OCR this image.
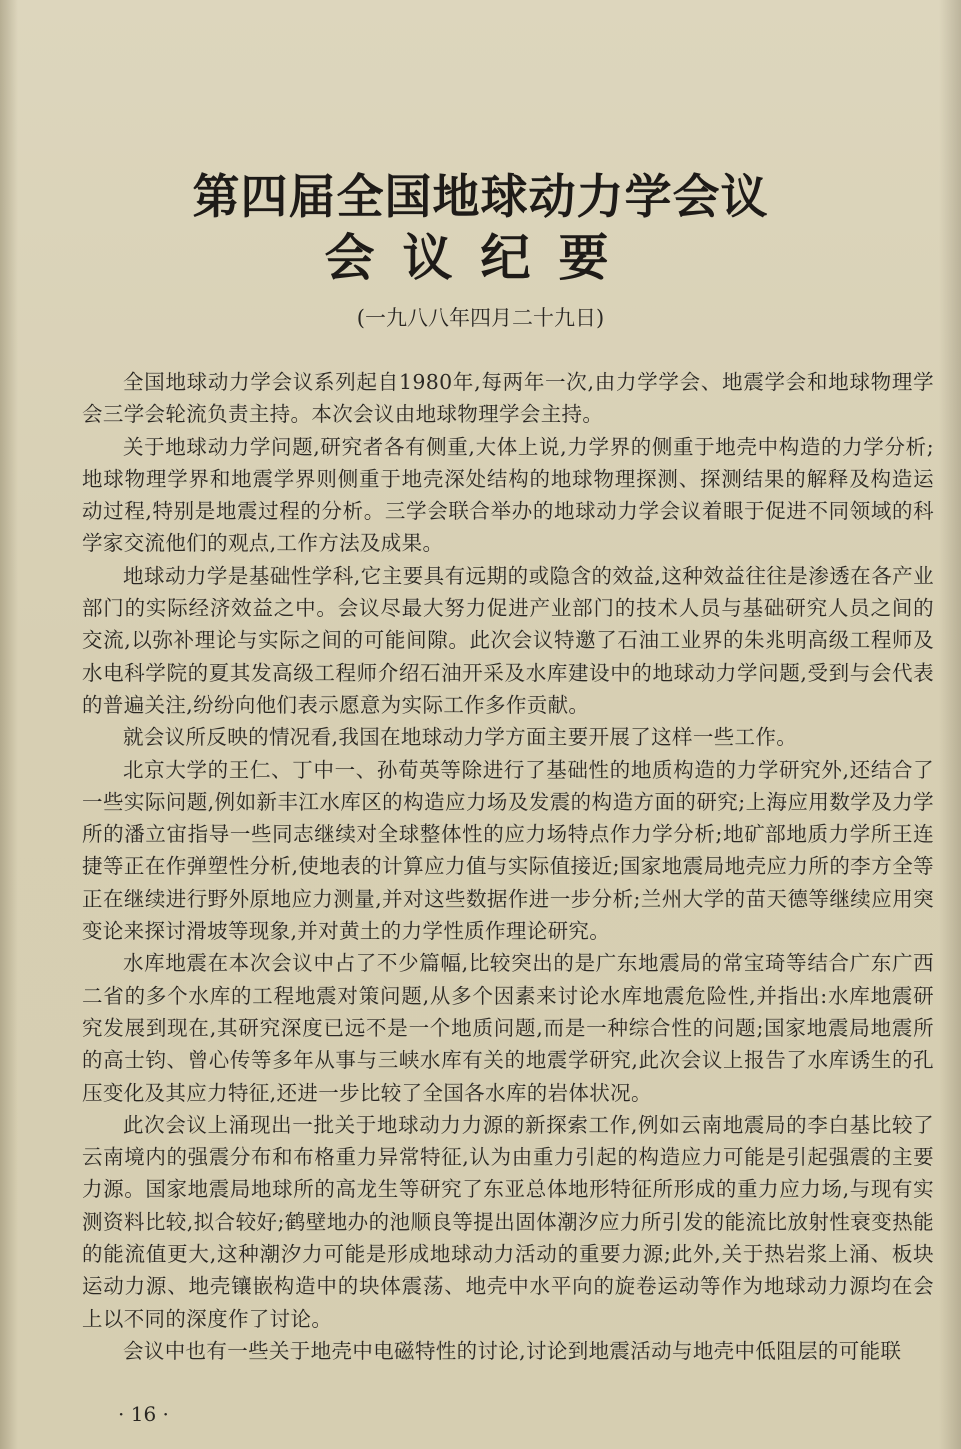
第四届全国地球动力学会议
会议纪要
(一九八八年四月二十九日)

全国地球动力学会议系列起自1980年,每两年一次,由力学学会、地震学会和地球物理学会三学会轮流负责主持。本次会议由地球物理学会主持。

关于地球动力学问题,研究者各有侧重,大体上说,力学界的侧重于地壳中构造的力学分析;地球物理学界和地震学界则侧重于地壳深处结构的地球物理探测、探测结果的解释及构造运动过程,特别是地震过程的分析。三学会联合举办的地球动力学会议着眼于促进不同领域的科学家交流他们的观点,工作方法及成果。

地球动力学是基础性学科,它主要具有远期的或隐含的效益,这种效益往往是渗透在各产业部门的实际经济效益之中。会议尽最大努力促进产业部门的技术人员与基础研究人员之间的交流,以弥补理论与实际之间的可能间隙。此次会议特邀了石油工业界的朱兆明高级工程师及水电科学院的夏其发高级工程师介绍石油开采及水库建设中的地球动力学问题,受到与会代表的普遍关注,纷纷向他们表示愿意为实际工作多作贡献。

就会议所反映的情况看,我国在地球动力学方面主要开展了这样一些工作。

北京大学的王仁、丁中一、孙荀英等除进行了基础性的地质构造的力学研究外,还结合了一些实际问题,例如新丰江水库区的构造应力场及发震的构造方面的研究;上海应用数学及力学所的潘立宙指导一些同志继续对全球整体性的应力场特点作力学分析;地矿部地质力学所王连捷等正在作弹塑性分析,使地表的计算应力值与实际值接近;国家地震局地壳应力所的李方全等正在继续进行野外原地应力测量,并对这些数据作进一步分析;兰州大学的苗天德等继续应用突变论来探讨滑坡等现象,并对黄土的力学性质作理论研究。

水库地震在本次会议中占了不少篇幅,比较突出的是广东地震局的常宝琦等结合广东广西二省的多个水库的工程地震对策问题,从多个因素来讨论水库地震危险性,并指出:水库地震研究发展到现在,其研究深度已远不是一个地质问题,而是一种综合性的问题;国家地震局地震所的高士钧、曾心传等多年从事与三峡水库有关的地震学研究,此次会议上报告了水库诱生的孔压变化及其应力特征,还进一步比较了全国各水库的岩体状况。

此次会议上涌现出一批关于地球动力力源的新探索工作,例如云南地震局的李白基比较了云南境内的强震分布和布格重力异常特征,认为由重力引起的构造应力可能是引起强震的主要力源。国家地震局地球所的高龙生等研究了东亚总体地形特征所形成的重力应力场,与现有实测资料比较,拟合较好;鹤壁地办的池顺良等提出固体潮汐应力所引发的能流比放射性衰变热能的能流值更大,这种潮汐力可能是形成地球动力活动的重要力源;此外,关于热岩浆上涌、板块运动力源、地壳镶嵌构造中的块体震荡、地壳中水平向的旋卷运动等作为地球动力源均在会上以不同的深度作了讨论。

会议中也有一些关于地壳中电磁特性的讨论,讨论到地震活动与地壳中低阻层的可能联

· 16 ·
